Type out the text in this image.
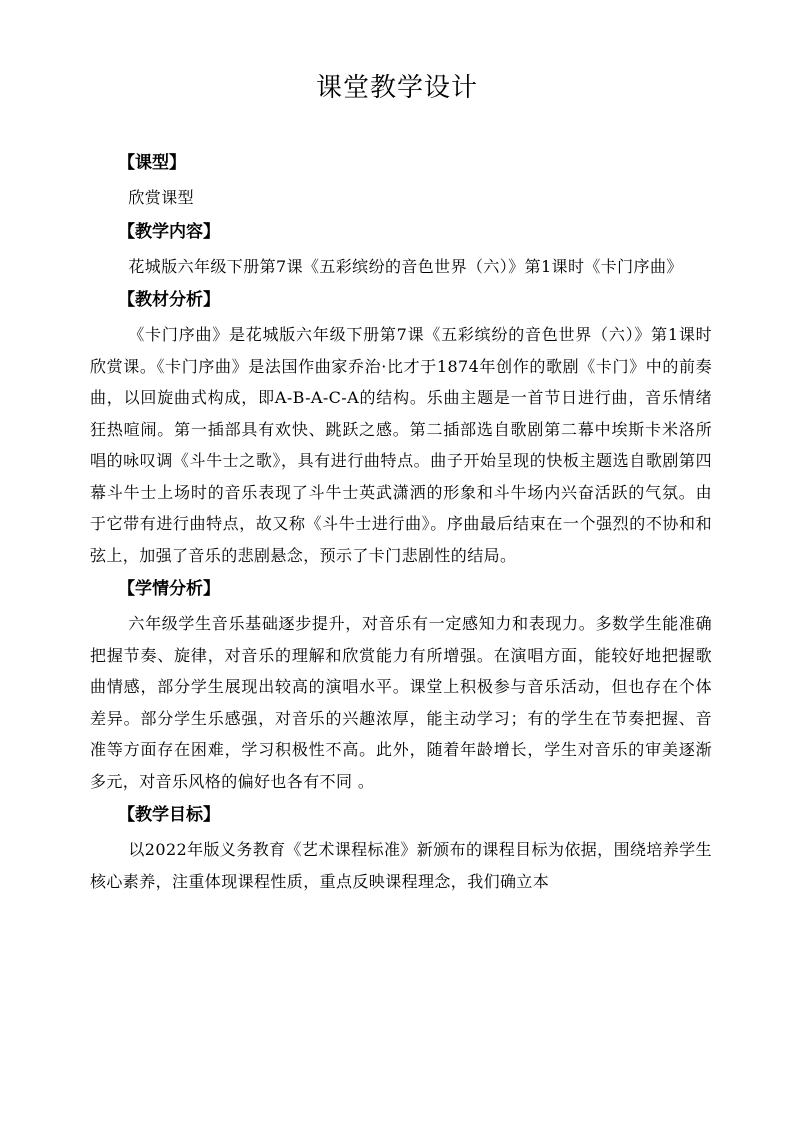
课堂教学设计

【课型】

欣赏课型

【教学内容】

花城版六年级下册第7课《五彩缤纷的音色世界（六）》第1课时《卡门序曲》

【教材分析】

《卡门序曲》是花城版六年级下册第7课《五彩缤纷的音色世界（六）》第1课时欣赏课。《卡门序曲》是法国作曲家乔治·比才于1874年创作的歌剧《卡门》中的前奏曲，以回旋曲式构成，即A-B-A-C-A的结构。乐曲主题是一首节日进行曲，音乐情绪狂热喧闹。第一插部具有欢快、跳跃之感。第二插部选自歌剧第二幕中埃斯卡米洛所唱的咏叹调《斗牛士之歌》，具有进行曲特点。曲子开始呈现的快板主题选自歌剧第四幕斗牛士上场时的音乐表现了斗牛士英武潇洒的形象和斗牛场内兴奋活跃的气氛。由于它带有进行曲特点，故又称《斗牛士进行曲》。序曲最后结束在一个强烈的不协和和弦上，加强了音乐的悲剧悬念，预示了卡门悲剧性的结局。

【学情分析】

六年级学生音乐基础逐步提升，对音乐有一定感知力和表现力。多数学生能准确把握节奏、旋律，对音乐的理解和欣赏能力有所增强。在演唱方面，能较好地把握歌曲情感，部分学生展现出较高的演唱水平。课堂上积极参与音乐活动，但也存在个体差异。部分学生乐感强，对音乐的兴趣浓厚，能主动学习；有的学生在节奏把握、音准等方面存在困难，学习积极性不高。此外，随着年龄增长，学生对音乐的审美逐渐多元，对音乐风格的偏好也各有不同 。

【教学目标】

以2022年版义务教育《艺术课程标准》新颁布的课程目标为依据，围绕培养学生核心素养，注重体现课程性质，重点反映课程理念，我们确立本
